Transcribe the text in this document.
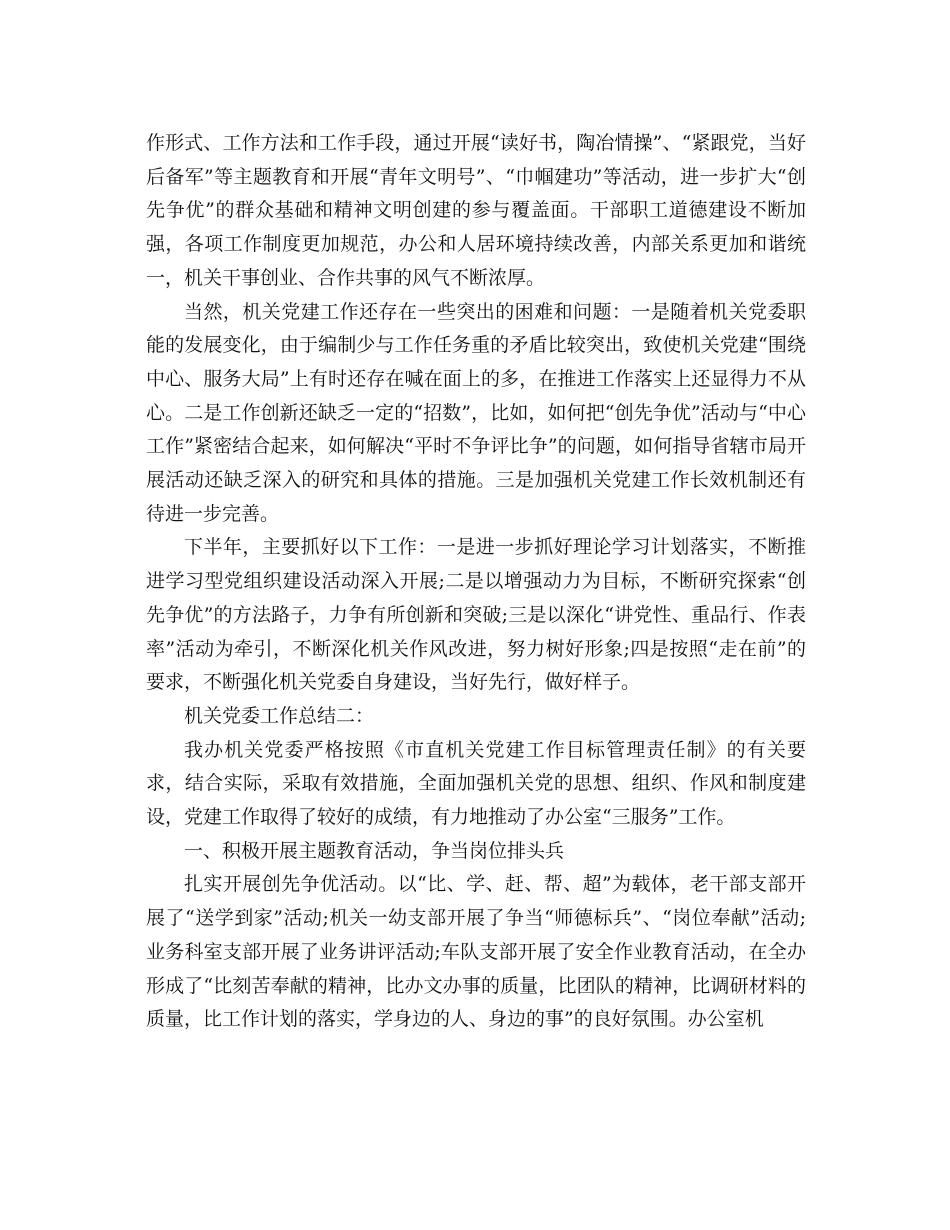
作形式、工作方法和工作手段，通过开展“读好书，陶冶情操”、“紧跟党，当好后备军”等主题教育和开展“青年文明号”、“巾帼建功”等活动，进一步扩大“创先争优”的群众基础和精神文明创建的参与覆盖面。干部职工道德建设不断加强，各项工作制度更加规范，办公和人居环境持续改善，内部关系更加和谐统一，机关干事创业、合作共事的风气不断浓厚。

当然，机关党建工作还存在一些突出的困难和问题：一是随着机关党委职能的发展变化，由于编制少与工作任务重的矛盾比较突出，致使机关党建“围绕中心、服务大局”上有时还存在喊在面上的多，在推进工作落实上还显得力不从心。二是工作创新还缺乏一定的“招数”，比如，如何把“创先争优”活动与“中心工作”紧密结合起来，如何解决“平时不争评比争”的问题，如何指导省辖市局开展活动还缺乏深入的研究和具体的措施。三是加强机关党建工作长效机制还有待进一步完善。

下半年，主要抓好以下工作：一是进一步抓好理论学习计划落实，不断推进学习型党组织建设活动深入开展;二是以增强动力为目标，不断研究探索“创先争优”的方法路子，力争有所创新和突破;三是以深化“讲党性、重品行、作表率”活动为牵引，不断深化机关作风改进，努力树好形象;四是按照“走在前”的要求，不断强化机关党委自身建设，当好先行，做好样子。

机关党委工作总结二：

我办机关党委严格按照《市直机关党建工作目标管理责任制》的有关要求，结合实际，采取有效措施，全面加强机关党的思想、组织、作风和制度建设，党建工作取得了较好的成绩，有力地推动了办公室“三服务”工作。

一、积极开展主题教育活动，争当岗位排头兵

扎实开展创先争优活动。以“比、学、赶、帮、超”为载体，老干部支部开展了“送学到家”活动;机关一幼支部开展了争当“师德标兵”、“岗位奉献”活动;业务科室支部开展了业务讲评活动;车队支部开展了安全作业教育活动，在全办形成了“比刻苦奉献的精神，比办文办事的质量，比团队的精神，比调研材料的质量，比工作计划的落实，学身边的人、身边的事”的良好氛围。办公室机
